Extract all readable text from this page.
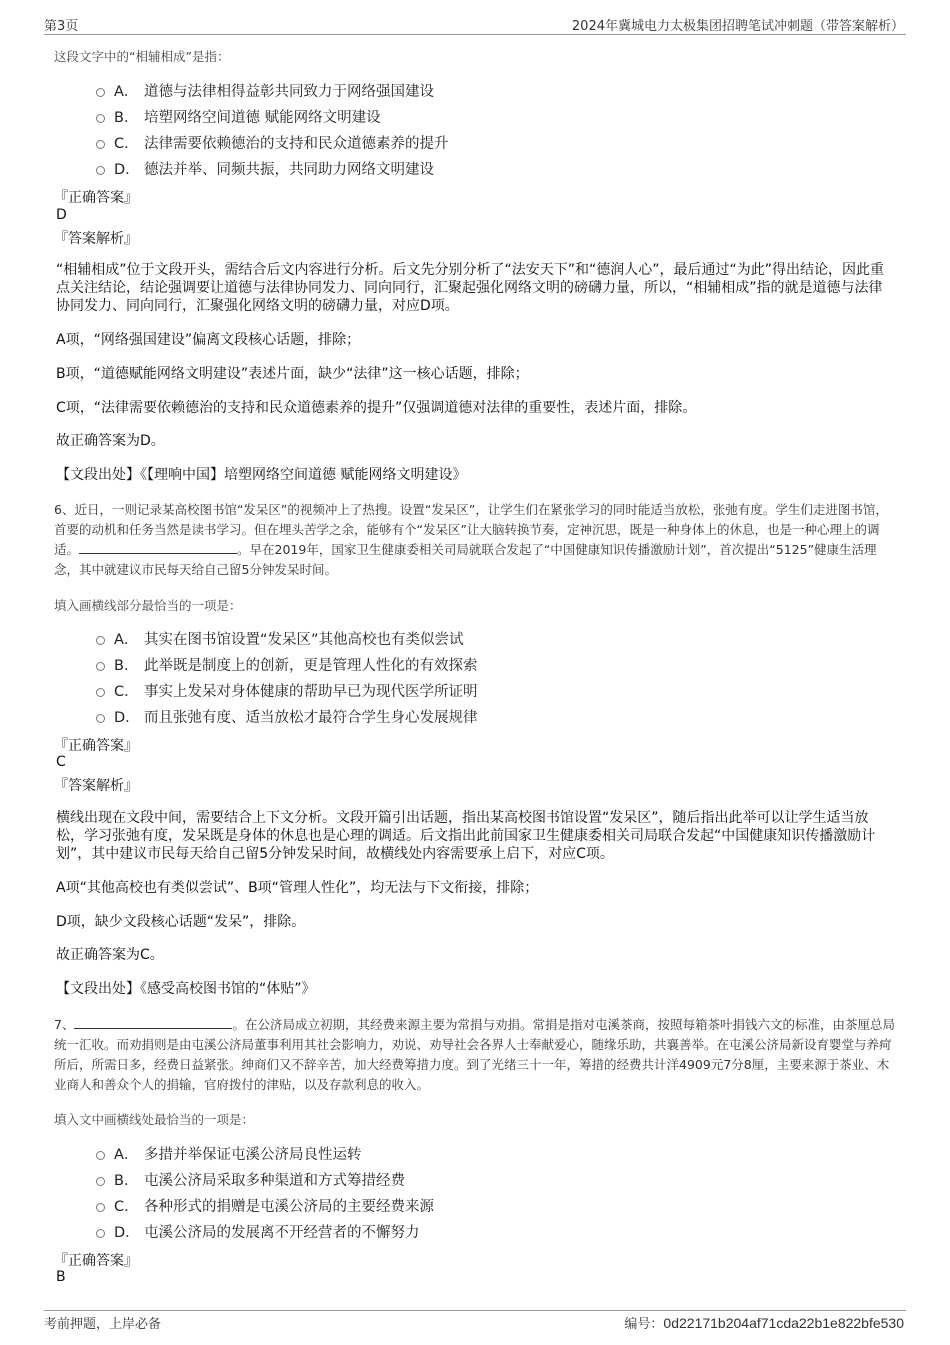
第3页	2024年冀城电力太极集团招聘笔试冲刺题（带答案解析）
这段文字中的“相辅相成”是指：
A． 道德与法律相得益彰共同致力于网络强国建设
B． 培塑网络空间道德 赋能网络文明建设
C． 法律需要依赖德治的支持和民众道德素养的提升
D． 德法并举、同频共振，共同助力网络文明建设
『正确答案』
D
『答案解析』
“相辅相成”位于文段开头，需结合后文内容进行分析。后文先分别分析了“法安天下”和“德润人心”，最后通过“为此”得出结论，因此重点关注结论，结论强调要让道德与法律协同发力、同向同行，汇聚起强化网络文明的磅礴力量，所以，“相辅相成”指的就是道德与法律协同发力、同向同行，汇聚强化网络文明的磅礴力量，对应D项。
A项，“网络强国建设”偏离文段核心话题，排除；
B项，“道德赋能网络文明建设”表述片面，缺少“法律”这一核心话题，排除；
C项，“法律需要依赖德治的支持和民众道德素养的提升”仅强调道德对法律的重要性，表述片面，排除。
故正确答案为D。
【文段出处】《【理响中国】培塑网络空间道德 赋能网络文明建设》
6、近日，一则记录某高校图书馆“发呆区”的视频冲上了热搜。设置“发呆区”，让学生们在紧张学习的同时能适当放松，张弛有度。学生们走进图书馆，首要的动机和任务当然是读书学习。但在埋头苦学之余，能够有个“发呆区”让大脑转换节奏，定神沉思，既是一种身体上的休息，也是一种心理上的调适。	。早在2019年，国家卫生健康委相关司局就联合发起了“中国健康知识传播激励计划”，首次提出“5125”健康生活理念，其中就建议市民每天给自己留5分钟发呆时间。
填入画横线部分最恰当的一项是：
A． 其实在图书馆设置“发呆区”其他高校也有类似尝试
B． 此举既是制度上的创新，更是管理人性化的有效探索
C． 事实上发呆对身体健康的帮助早已为现代医学所证明
D． 而且张弛有度、适当放松才最符合学生身心发展规律
『正确答案』
C
『答案解析』
横线出现在文段中间，需要结合上下文分析。文段开篇引出话题，指出某高校图书馆设置“发呆区”，随后指出此举可以让学生适当放松，学习张弛有度，发呆既是身体的休息也是心理的调适。后文指出此前国家卫生健康委相关司局联合发起“中国健康知识传播激励计划”，其中建议市民每天给自己留5分钟发呆时间，故横线处内容需要承上启下，对应C项。
A项“其他高校也有类似尝试”、B项“管理人性化”，均无法与下文衔接，排除；
D项，缺少文段核心话题“发呆”，排除。
故正确答案为C。
【文段出处】《感受高校图书馆的“体贴”》
7、	。在公济局成立初期，其经费来源主要为常捐与劝捐。常捐是指对屯溪茶商，按照每箱茶叶捐钱六文的标准，由茶厘总局统一汇收。而劝捐则是由屯溪公济局董事利用其社会影响力，劝说、劝导社会各界人士奉献爱心，随缘乐助，共襄善举。在屯溪公济局新设育婴堂与养疴所后，所需日多，经费日益紧张。绅商们又不辞辛苦，加大经费筹措力度。到了光绪三十一年，筹措的经费共计洋4909元7分8厘，主要来源于茶业、木业商人和善众个人的捐输，官府拨付的津贴，以及存款利息的收入。
填入文中画横线处最恰当的一项是：
A． 多措并举保证屯溪公济局良性运转
B． 屯溪公济局采取多种渠道和方式筹措经费
C． 各种形式的捐赠是屯溪公济局的主要经费来源
D． 屯溪公济局的发展离不开经营者的不懈努力
『正确答案』
B
考前押题，上岸必备	编号：0d22171b204af71cda22b1e822bfe530
